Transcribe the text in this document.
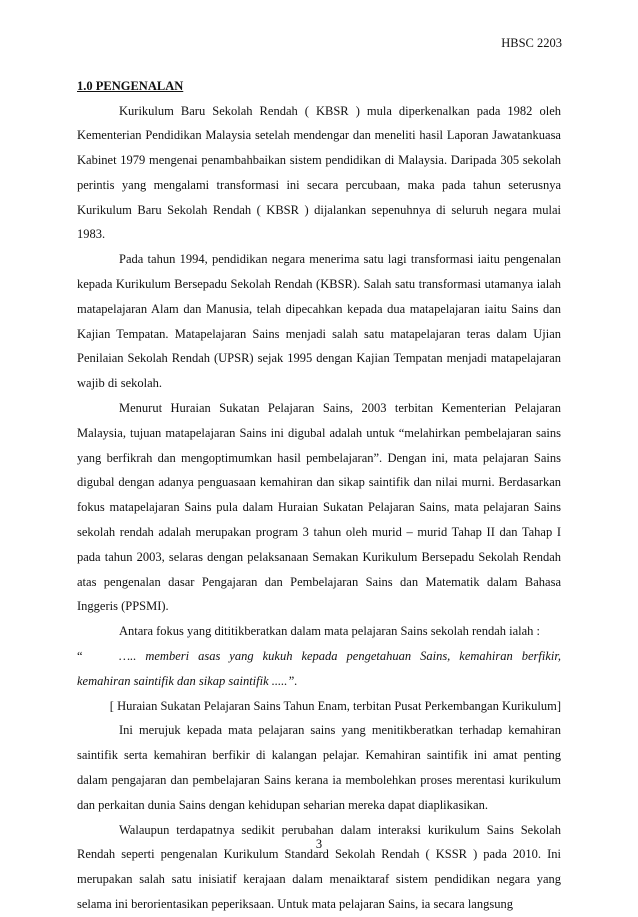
HBSC 2203
1.0 PENGENALAN

Kurikulum Baru Sekolah Rendah ( KBSR ) mula diperkenalkan pada 1982 oleh Kementerian Pendidikan Malaysia setelah mendengar dan meneliti hasil Laporan Jawatankuasa Kabinet 1979 mengenai penambahbaikan sistem pendidikan di Malaysia. Daripada 305 sekolah perintis yang mengalami transformasi ini secara percubaan, maka pada tahun seterusnya Kurikulum Baru Sekolah Rendah ( KBSR ) dijalankan sepenuhnya di seluruh negara mulai 1983.

Pada tahun 1994, pendidikan negara menerima satu lagi transformasi iaitu pengenalan kepada Kurikulum Bersepadu Sekolah Rendah (KBSR). Salah satu transformasi utamanya ialah matapelajaran Alam dan Manusia, telah dipecahkan kepada dua matapelajaran iaitu Sains dan Kajian Tempatan. Matapelajaran Sains menjadi salah satu matapelajaran teras dalam Ujian Penilaian Sekolah Rendah (UPSR) sejak 1995 dengan Kajian Tempatan menjadi matapelajaran wajib di sekolah.

Menurut Huraian Sukatan Pelajaran Sains, 2003 terbitan Kementerian Pelajaran Malaysia, tujuan matapelajaran Sains ini digubal adalah untuk “melahirkan pembelajaran sains yang berfikrah dan mengoptimumkan hasil pembelajaran”. Dengan ini, mata pelajaran Sains digubal dengan adanya penguasaan kemahiran dan sikap saintifik dan nilai murni. Berdasarkan fokus matapelajaran Sains pula dalam Huraian Sukatan Pelajaran Sains, mata pelajaran Sains sekolah rendah adalah merupakan program 3 tahun oleh murid – murid Tahap II dan Tahap I pada tahun 2003, selaras dengan pelaksanaan Semakan Kurikulum Bersepadu Sekolah Rendah atas pengenalan dasar Pengajaran dan Pembelajaran Sains dan Matematik dalam Bahasa Inggeris (PPSMI).

Antara fokus yang dititikberatkan dalam mata pelajaran Sains sekolah rendah ialah :

“	….. memberi asas yang kukuh kepada pengetahuan Sains, kemahiran berfikir, kemahiran saintifik dan sikap saintifik .....”.

[ Huraian Sukatan Pelajaran Sains Tahun Enam, terbitan Pusat Perkembangan Kurikulum]

Ini merujuk kepada mata pelajaran sains yang menitikberatkan terhadap kemahiran saintifik serta kemahiran berfikir di kalangan pelajar. Kemahiran saintifik ini amat penting dalam pengajaran dan pembelajaran Sains kerana ia membolehkan proses merentasi kurikulum dan perkaitan dunia Sains dengan kehidupan seharian mereka dapat diaplikasikan.

Walaupun terdapatnya sedikit perubahan dalam interaksi kurikulum Sains Sekolah Rendah seperti pengenalan Kurikulum Standard Sekolah Rendah ( KSSR ) pada 2010. Ini merupakan salah satu inisiatif kerajaan dalam menaiktaraf sistem pendidikan negara yang selama ini berorientasikan peperiksaan. Untuk mata pelajaran Sains, ia secara langsung

3
